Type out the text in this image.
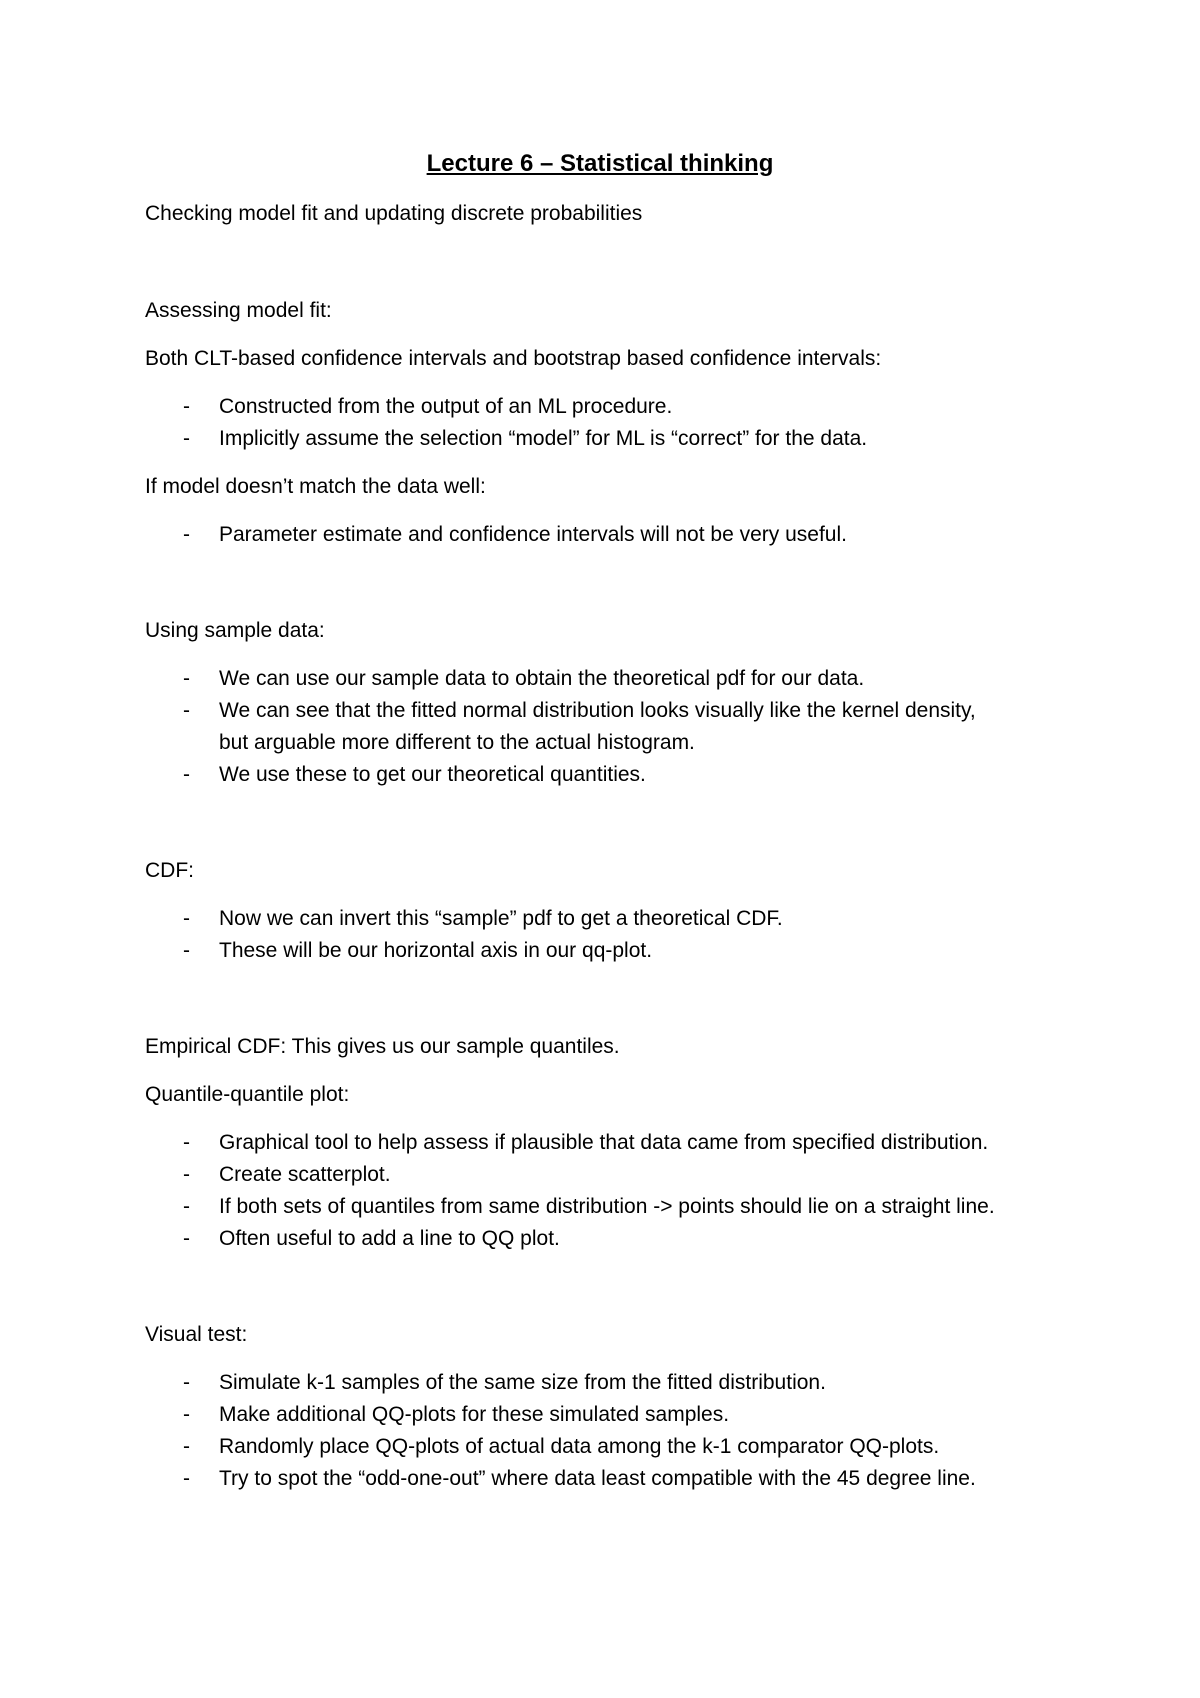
Lecture 6 – Statistical thinking
Checking model fit and updating discrete probabilities
Assessing model fit:
Both CLT-based confidence intervals and bootstrap based confidence intervals:
- Constructed from the output of an ML procedure.
- Implicitly assume the selection “model” for ML is “correct” for the data.
If model doesn’t match the data well:
- Parameter estimate and confidence intervals will not be very useful.
Using sample data:
- We can use our sample data to obtain the theoretical pdf for our data.
- We can see that the fitted normal distribution looks visually like the kernel density,
but arguable more different to the actual histogram.
- We use these to get our theoretical quantities.
CDF:
- Now we can invert this “sample” pdf to get a theoretical CDF.
- These will be our horizontal axis in our qq-plot.
Empirical CDF: This gives us our sample quantiles.
Quantile-quantile plot:
- Graphical tool to help assess if plausible that data came from specified distribution.
- Create scatterplot.
- If both sets of quantiles from same distribution -> points should lie on a straight line.
- Often useful to add a line to QQ plot.
Visual test:
- Simulate k-1 samples of the same size from the fitted distribution.
- Make additional QQ-plots for these simulated samples.
- Randomly place QQ-plots of actual data among the k-1 comparator QQ-plots.
- Try to spot the “odd-one-out” where data least compatible with the 45 degree line.
